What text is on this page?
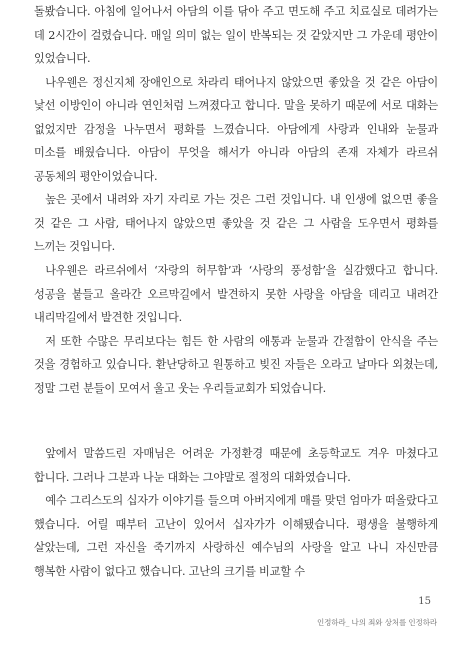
돌봤습니다. 아침에 일어나서 아담의 이를 닦아 주고 면도해 주고 치료실로 데려가는 데 2시간이 걸렸습니다. 매일 의미 없는 일이 반복되는 것 같았지만 그 가운데 평안이 있었습니다.

나우웬은 정신지체 장애인으로 차라리 태어나지 않았으면 좋았을 것 같은 아담이 낯선 이방인이 아니라 연인처럼 느껴졌다고 합니다. 말을 못하기 때문에 서로 대화는 없었지만 감정을 나누면서 평화를 느꼈습니다. 아담에게 사랑과 인내와 눈물과 미소를 배웠습니다. 아담이 무엇을 해서가 아니라 아담의 존재 자체가 라르쉬 공동체의 평안이었습니다.

높은 곳에서 내려와 자기 자리로 가는 것은 그런 것입니다. 내 인생에 없으면 좋을 것 같은 그 사람, 태어나지 않았으면 좋았을 것 같은 그 사람을 도우면서 평화를 느끼는 것입니다.

나우웬은 라르쉬에서 ‘자랑의 허무함’과 ‘사랑의 풍성함’을 실감했다고 합니다. 성공을 붙들고 올라간 오르막길에서 발견하지 못한 사랑을 아담을 데리고 내려간 내리막길에서 발견한 것입니다.

저 또한 수많은 무리보다는 힘든 한 사람의 애통과 눈물과 간절함이 안식을 주는 것을 경험하고 있습니다. 환난당하고 원통하고 빚진 자들은 오라고 날마다 외쳤는데, 정말 그런 분들이 모여서 울고 웃는 우리들교회가 되었습니다.

앞에서 말씀드린 자매님은 어려운 가정환경 때문에 초등학교도 겨우 마쳤다고 합니다. 그러나 그분과 나눈 대화는 그야말로 절정의 대화였습니다.

예수 그리스도의 십자가 이야기를 들으며 아버지에게 매를 맞던 엄마가 떠올랐다고 했습니다. 어릴 때부터 고난이 있어서 십자가가 이해됐습니다. 평생을 불행하게 살았는데, 그런 자신을 죽기까지 사랑하신 예수님의 사랑을 알고 나니 자신만큼 행복한 사람이 없다고 했습니다. 고난의 크기를 비교할 수

15
인정하라_ 나의 죄와 상처를 인정하라
